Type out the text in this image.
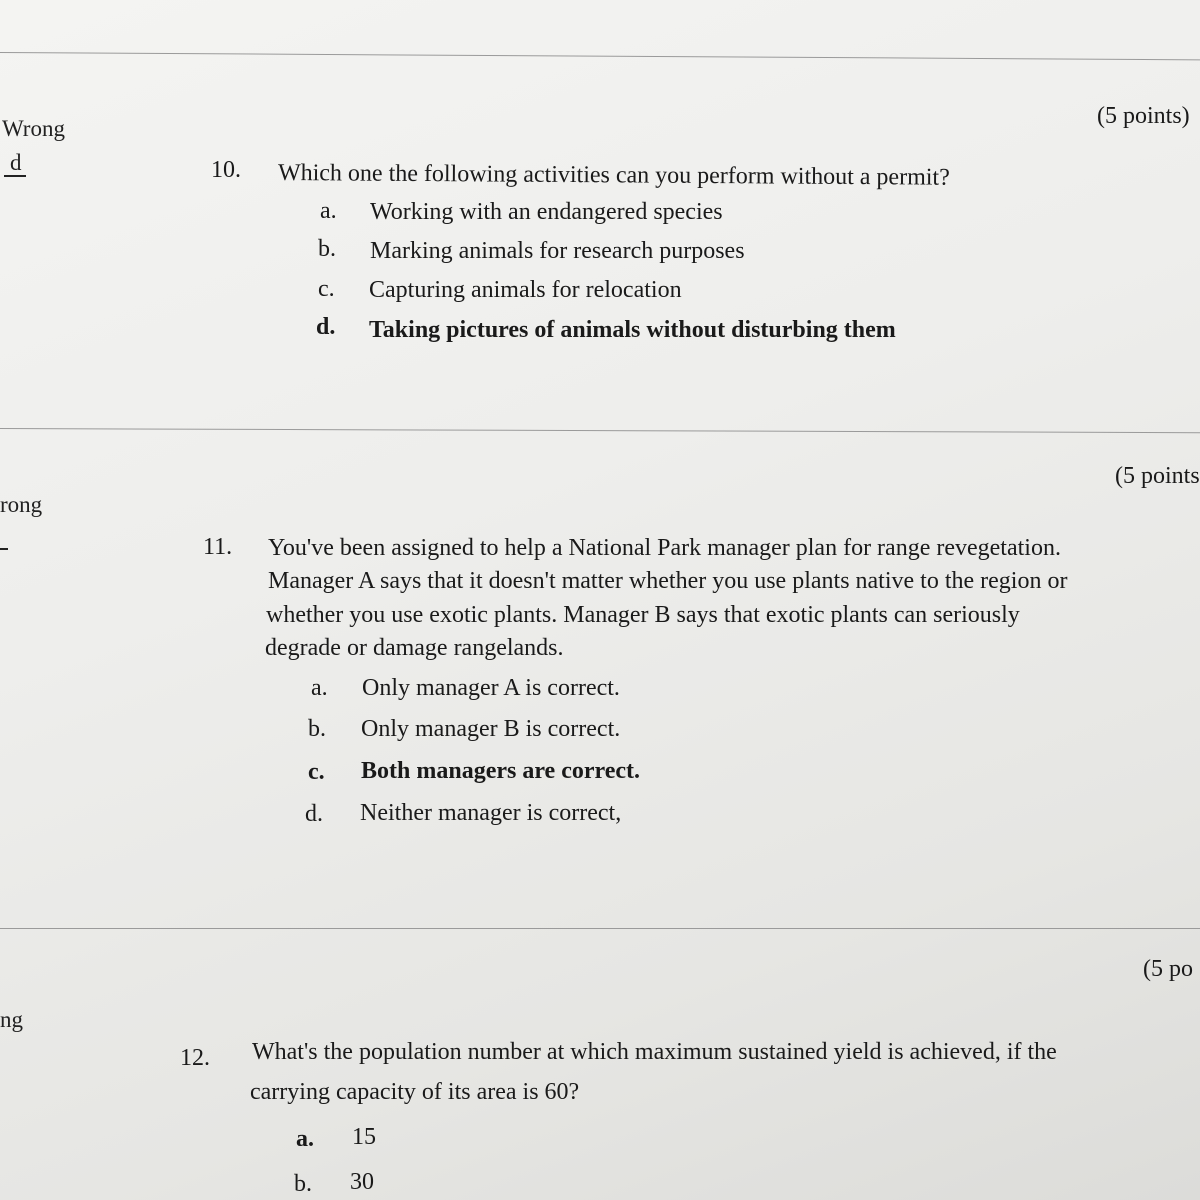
Wrong
d
(5 points)
10. Which one the following activities can you perform without a permit?
a. Working with an endangered species
b. Marking animals for research purposes
c. Capturing animals for relocation
d. Taking pictures of animals without disturbing them
rong
(5 points
11. You've been assigned to help a National Park manager plan for range revegetation.
Manager A says that it doesn't matter whether you use plants native to the region or
whether you use exotic plants. Manager B says that exotic plants can seriously
degrade or damage rangelands.
a. Only manager A is correct.
b. Only manager B is correct.
c. Both managers are correct.
d. Neither manager is correct,
ng
(5 po
12. What's the population number at which maximum sustained yield is achieved, if the
carrying capacity of its area is 60?
a. 15
b. 30
